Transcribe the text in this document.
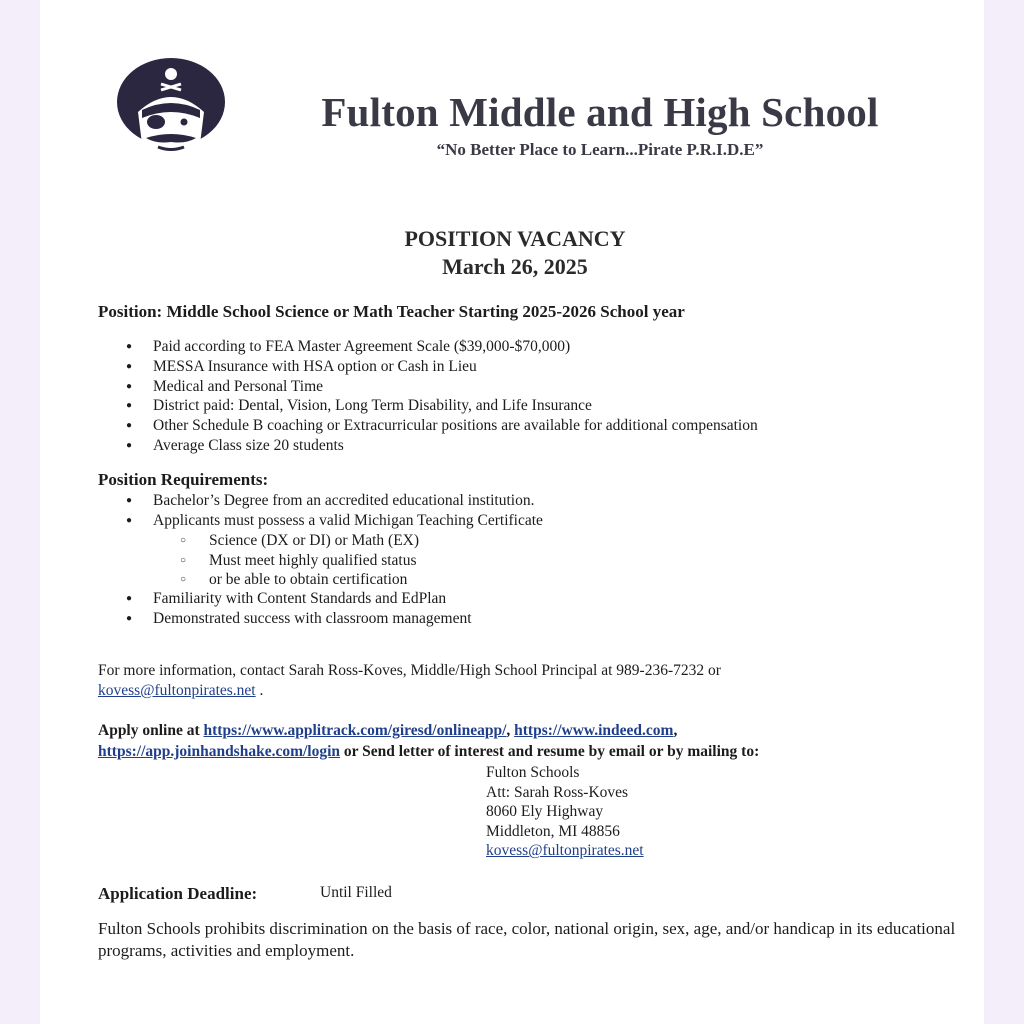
Fulton Middle and High School
“No Better Place to Learn...Pirate P.R.I.D.E”
POSITION VACANCY
March 26, 2025
Position: Middle School Science or Math Teacher Starting 2025-2026 School year
● Paid according to FEA Master Agreement Scale ($39,000-$70,000)
● MESSA Insurance with HSA option or Cash in Lieu
● Medical and Personal Time
● District paid: Dental, Vision, Long Term Disability, and Life Insurance
● Other Schedule B coaching or Extracurricular positions are available for additional compensation
● Average Class size 20 students
Position Requirements:
● Bachelor’s Degree from an accredited educational institution.
● Applicants must possess a valid Michigan Teaching Certificate
○ Science (DX or DI) or Math (EX)
○ Must meet highly qualified status
○ or be able to obtain certification
● Familiarity with Content Standards and EdPlan
● Demonstrated success with classroom management
For more information, contact Sarah Ross-Koves, Middle/High School Principal at 989-236-7232 or
kovess@fultonpirates.net .
Apply online at https://www.applitrack.com/giresd/onlineapp/, https://www.indeed.com,
https://app.joinhandshake.com/login or Send letter of interest and resume by email or by mailing to:
Fulton Schools
Att: Sarah Ross-Koves
8060 Ely Highway
Middleton, MI 48856
kovess@fultonpirates.net
Application Deadline:	Until Filled
Fulton Schools prohibits discrimination on the basis of race, color, national origin, sex, age, and/or handicap in its educational programs, activities and employment.
